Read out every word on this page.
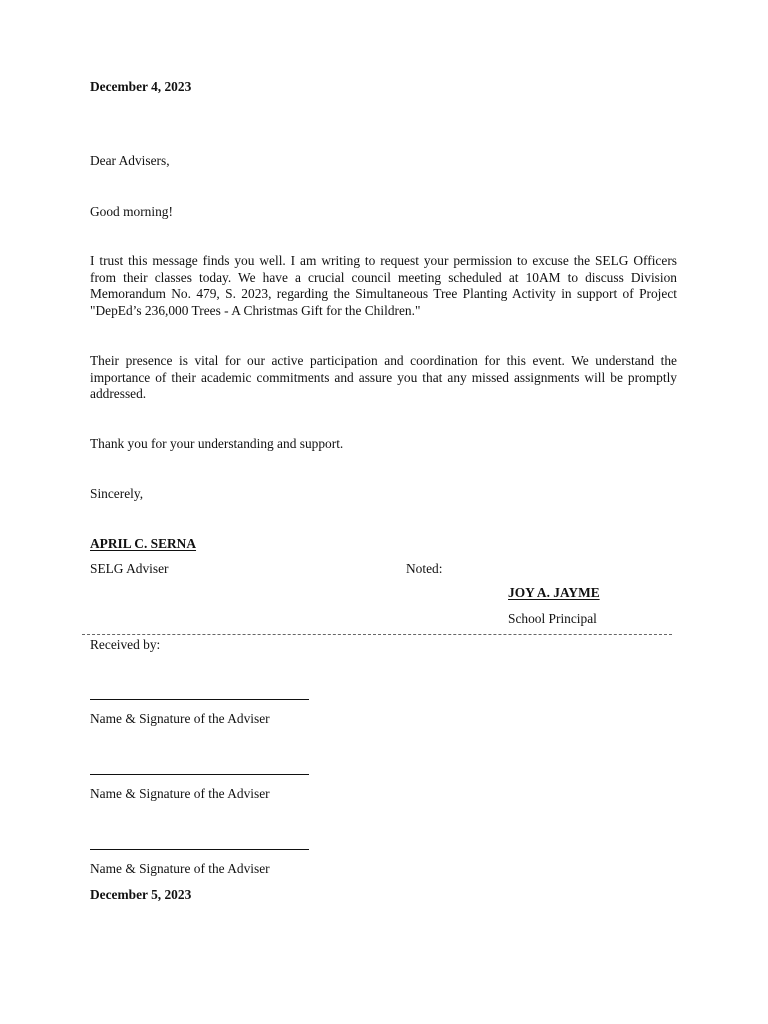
December 4, 2023
Dear Advisers,
Good morning!
I trust this message finds you well. I am writing to request your permission to excuse the SELG Officers from their classes today. We have a crucial council meeting scheduled at 10AM to discuss Division Memorandum No. 479, S. 2023, regarding the Simultaneous Tree Planting Activity in support of Project "DepEd’s 236,000 Trees - A Christmas Gift for the Children."
Their presence is vital for our active participation and coordination for this event. We understand the importance of their academic commitments and assure you that any missed assignments will be promptly addressed.
Thank you for your understanding and support.
Sincerely,
APRIL C. SERNA
SELG Adviser	Noted:
JOY A. JAYME
School Principal
Received by:
Name & Signature of the Adviser
Name & Signature of the Adviser
Name & Signature of the Adviser
December 5, 2023
